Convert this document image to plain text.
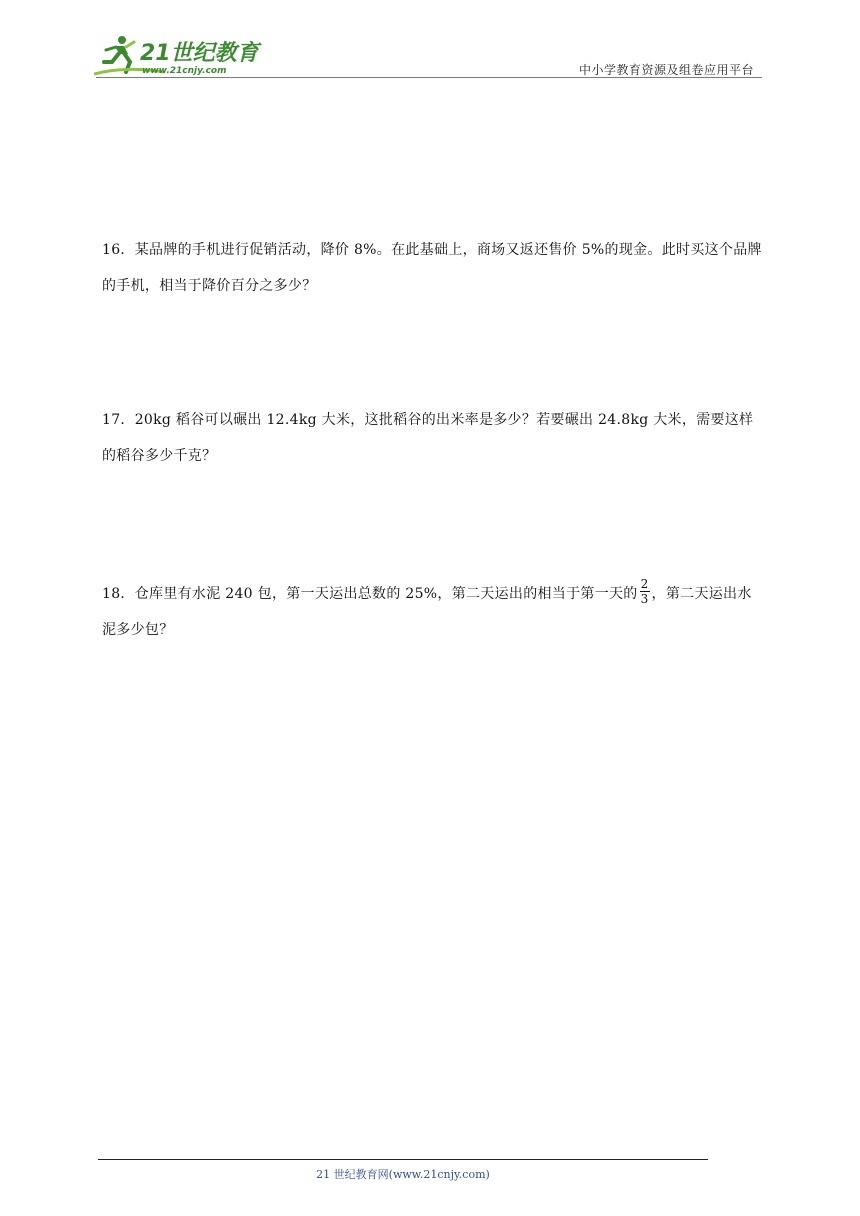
21世纪教育
www.21cnjy.com	中小学教育资源及组卷应用平台
16．某品牌的手机进行促销活动，降价 8%。在此基础上，商场又返还售价 5%的现金。此时买这个品牌的手机，相当于降价百分之多少？
17．20kg 稻谷可以碾出 12.4kg 大米，这批稻谷的出米率是多少？若要碾出 24.8kg 大米，需要这样的稻谷多少千克？
18．仓库里有水泥 240 包，第一天运出总数的 25%，第二天运出的相当于第一天的 $\frac{2}{3}$ ，第二天运出水泥多少包？
21 世纪教育网(www.21cnjy.com)
